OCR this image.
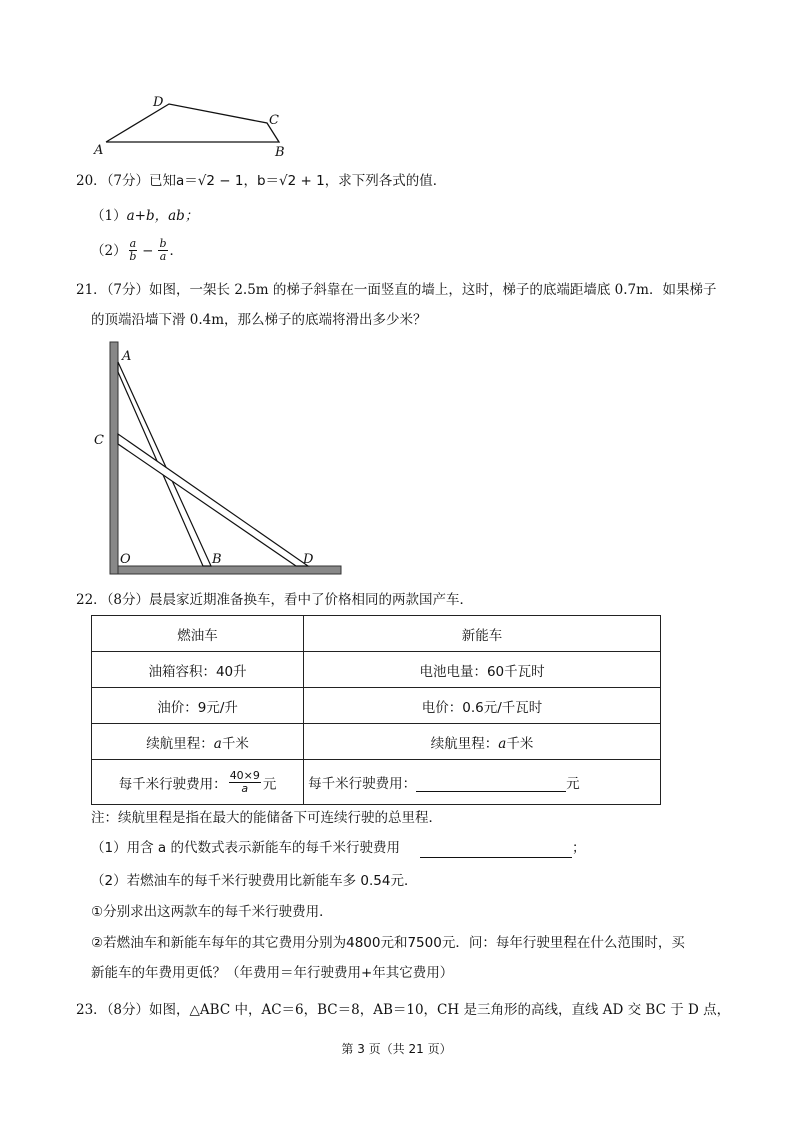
A
D
C
B
20．（7分）已知a＝√2 − 1，b＝√2 + 1，求下列各式的值．
（1）a+b，ab；
$(2) \frac{a}{b} - \frac{b}{a}$ ．
21．（7分）如图，一架长 2.5m 的梯子斜靠在一面竖直的墙上，这时，梯子的底端距墙底 0.7m．如果梯子
的顶端沿墙下滑 0.4m，那么梯子的底端将滑出多少米？
A
C
O	B	D
22．（8分）晨晨家近期准备换车，看中了价格相同的两款国产车．
燃油车	新能车
油箱容积：40升	电池电量：60千瓦时
油价：9元/升	电价：0.6元/千瓦时
续航里程：a千米	续航里程：a千米
每千米行驶费用： $\frac{40\times 9}{a}$ 元	每千米行驶费用： 元
注：续航里程是指在最大的能储备下可连续行驶的总里程．
（1）用含 a 的代数式表示新能车的每千米行驶费用	；
（2）若燃油车的每千米行驶费用比新能车多 0.54元．
①分别求出这两款车的每千米行驶费用．
②若燃油车和新能车每年的其它费用分别为4800元和7500元．问：每年行驶里程在什么范围时，买
新能车的年费用更低？（年费用＝年行驶费用+年其它费用）
23．（8分）如图，△ABC 中，AC＝6，BC＝8，AB＝10，CH 是三角形的高线，直线 AD 交 BC 于 D 点，
第 3 页（共 21 页）
